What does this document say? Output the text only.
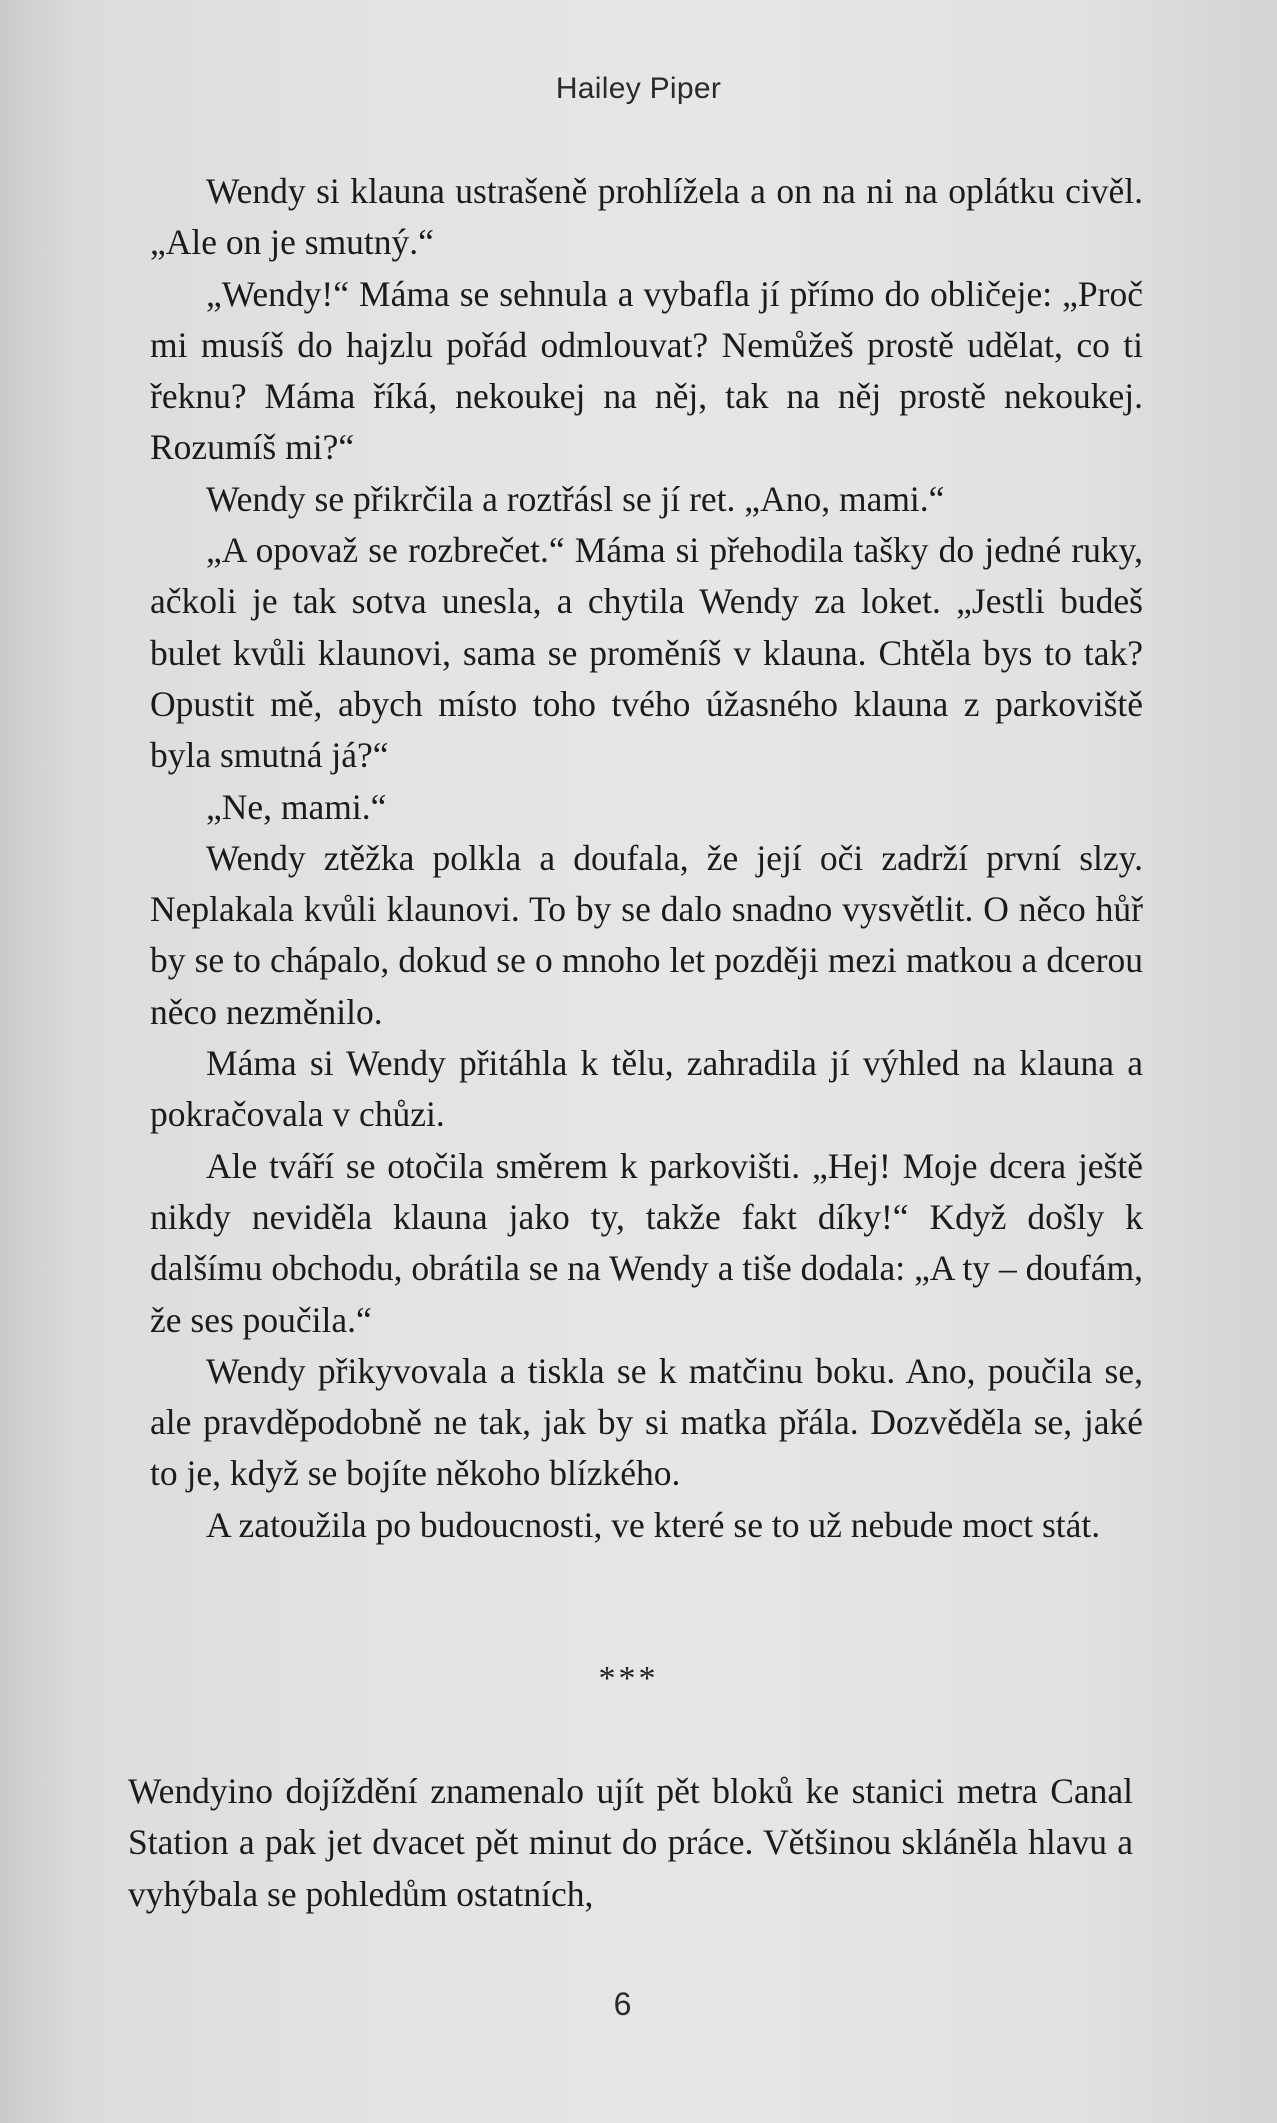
Hailey Piper

Wendy si klauna ustrašeně prohlížela a on na ni na oplátku civěl. „Ale on je smutný.“

„Wendy!“ Máma se sehnula a vybafla jí přímo do obličeje: „Proč mi musíš do hajzlu pořád odmlouvat? Nemůžeš prostě udělat, co ti řeknu? Máma říká, nekoukej na něj, tak na něj prostě nekoukej. Rozumíš mi?“

Wendy se přikrčila a roztřásl se jí ret. „Ano, mami.“

„A opovaž se rozbrečet.“ Máma si přehodila tašky do jedné ruky, ačkoli je tak sotva unesla, a chytila Wendy za loket. „Jestli budeš bulet kvůli klaunovi, sama se proměníš v klauna. Chtěla bys to tak? Opustit mě, abych místo toho tvého úžasného klauna z parkoviště byla smutná já?“

„Ne, mami.“

Wendy ztěžka polkla a doufala, že její oči zadrží první slzy. Neplakala kvůli klaunovi. To by se dalo snadno vysvětlit. O něco hůř by se to chápalo, dokud se o mnoho let později mezi matkou a dcerou něco nezměnilo.

Máma si Wendy přitáhla k tělu, zahradila jí výhled na klauna a pokračovala v chůzi.

Ale tváří se otočila směrem k parkovišti. „Hej! Moje dcera ještě nikdy neviděla klauna jako ty, takže fakt díky!“ Když došly k dalšímu obchodu, obrátila se na Wendy a tiše dodala: „A ty – doufám, že ses poučila.“

Wendy přikyvovala a tiskla se k matčinu boku. Ano, poučila se, ale pravděpodobně ne tak, jak by si matka přála. Dozvěděla se, jaké to je, když se bojíte někoho blízkého.

A zatoužila po budoucnosti, ve které se to už nebude moct stát.

***

Wendyino dojíždění znamenalo ujít pět bloků ke stanici metra Canal Station a pak jet dvacet pět minut do práce. Většinou skláněla hlavu a vyhýbala se pohledům ostatních,

6
